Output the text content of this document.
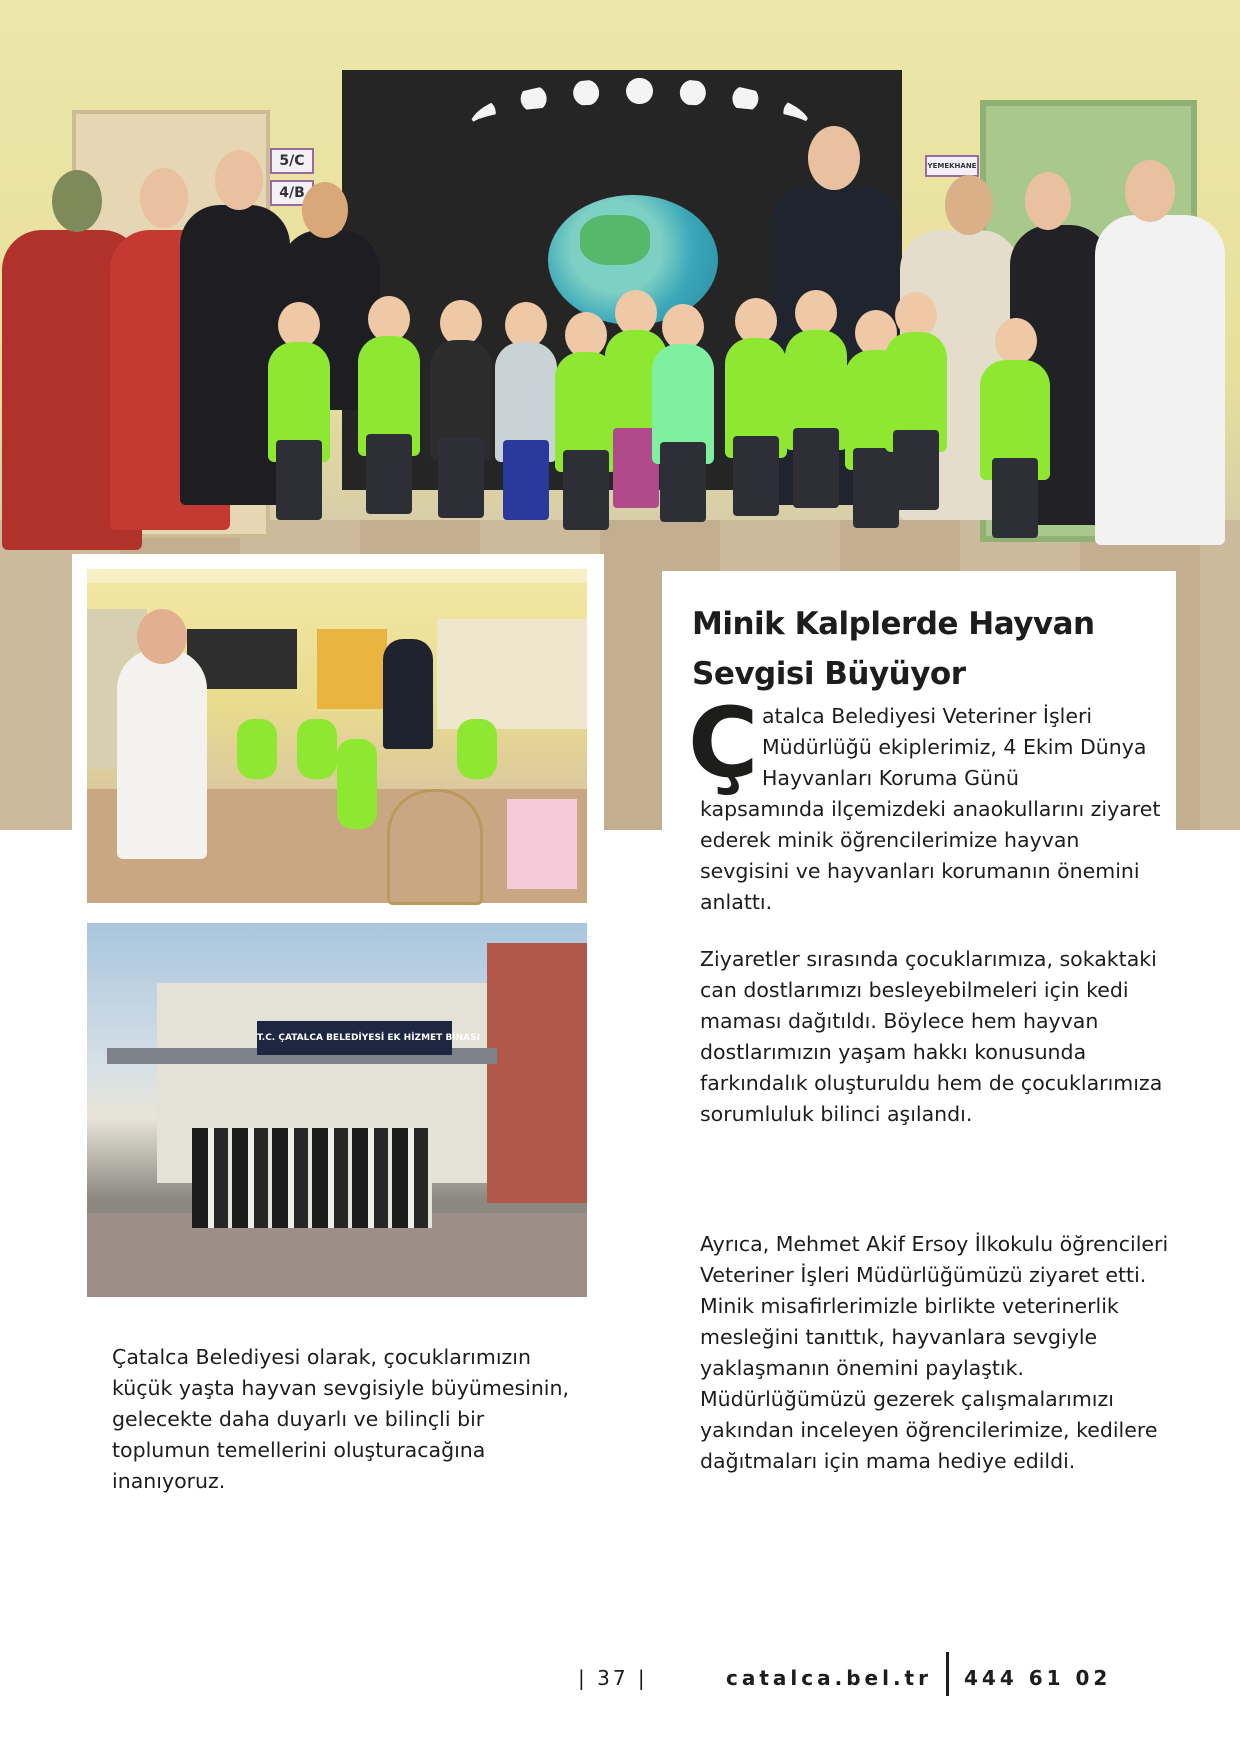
5/C
4/B
YEMEKHANE
T.C. ÇATALCA BELEDİYESİ EK HİZMET BİNASI
Minik Kalplerde Hayvan Sevgisi Büyüyor
Ç atalca Belediyesi Veteriner İşleri Müdürlüğü ekiplerimiz, 4 Ekim Dünya Hayvanları Koruma Günü

kapsamında ilçemizdeki anaokullarını ziyaret ederek minik öğrencilerimize hayvan sevgisini ve hayvanları korumanın önemini anlattı.

Ziyaretler sırasında çocuklarımıza, sokaktaki can dostlarımızı besleyebilmeleri için kedi maması dağıtıldı. Böylece hem hayvan dostlarımızın yaşam hakkı konusunda farkındalık oluşturuldu hem de çocuklarımıza sorumluluk bilinci aşılandı.

Ayrıca, Mehmet Akif Ersoy İlkokulu öğrencileri Veteriner İşleri Müdürlüğümüzü ziyaret etti. Minik misafirlerimizle birlikte veterinerlik mesleğini tanıttık, hayvanlara sevgiyle yaklaşmanın önemini paylaştık. Müdürlüğümüzü gezerek çalışmalarımızı yakından inceleyen öğrencilerimize, kedilere dağıtmaları için mama hediye edildi.

Çatalca Belediyesi olarak, çocuklarımızın küçük yaşta hayvan sevgisiyle büyümesinin, gelecekte daha duyarlı ve bilinçli bir toplumun temellerini oluşturacağına inanıyoruz.

| 37 |	catalca.bel.tr 444 61 02
